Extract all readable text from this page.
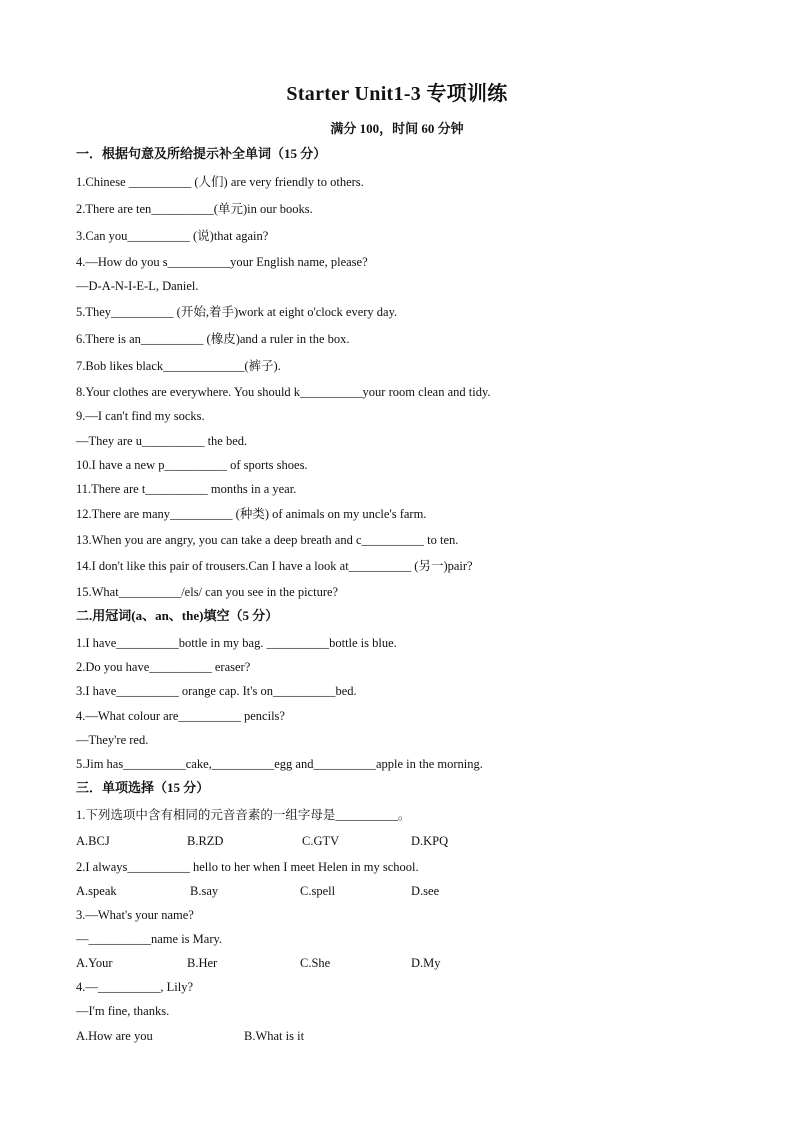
Starter Unit1-3 专项训练
满分 100，时间 60 分钟
一．根据句意及所给提示补全单词（15 分）
1.Chinese __________ (人们) are very friendly to others.
2.There are ten__________(单元)in our books.
3.Can you__________ (说)that again?
4.—How do you s__________your English name, please?
—D-A-N-I-E-L, Daniel.
5.They__________ (开始,着手)work at eight o'clock every day.
6.There is an__________ (橡皮)and a ruler in the box.
7.Bob likes black_____________(裤子).
8.Your clothes are everywhere. You should k__________your room clean and tidy.
9.—I can't find my socks.
—They are u__________ the bed.
10.I have a new p__________ of sports shoes.
11.There are t__________ months in a year.
12.There are many__________ (种类) of animals on my uncle's farm.
13.When you are angry, you can take a deep breath and c__________ to ten.
14.I don't like this pair of trousers.Can I have a look at__________ (另一)pair?
15.What__________/els/ can you see in the picture?
二.用冠词(a、an、the)填空（5 分）
1.I have__________bottle in my bag. __________bottle is blue.
2.Do you have__________ eraser?
3.I have__________ orange cap. It's on__________bed.
4.—What colour are__________ pencils?
—They're red.
5.Jim has__________cake,__________egg and__________apple in the morning.
三．单项选择（15 分）
1.下列选项中含有相同的元音音素的一组字母是__________。
A.BCJ	B.RZD	C.GTV	D.KPQ
2.I always__________ hello to her when I meet Helen in my school.
A.speak	B.say	C.spell	D.see
3.—What's your name?
—__________name is Mary.
A.Your	B.Her	C.She	D.My
4.—__________, Lily?
—I'm fine, thanks.
A.How are you	B.What is it
